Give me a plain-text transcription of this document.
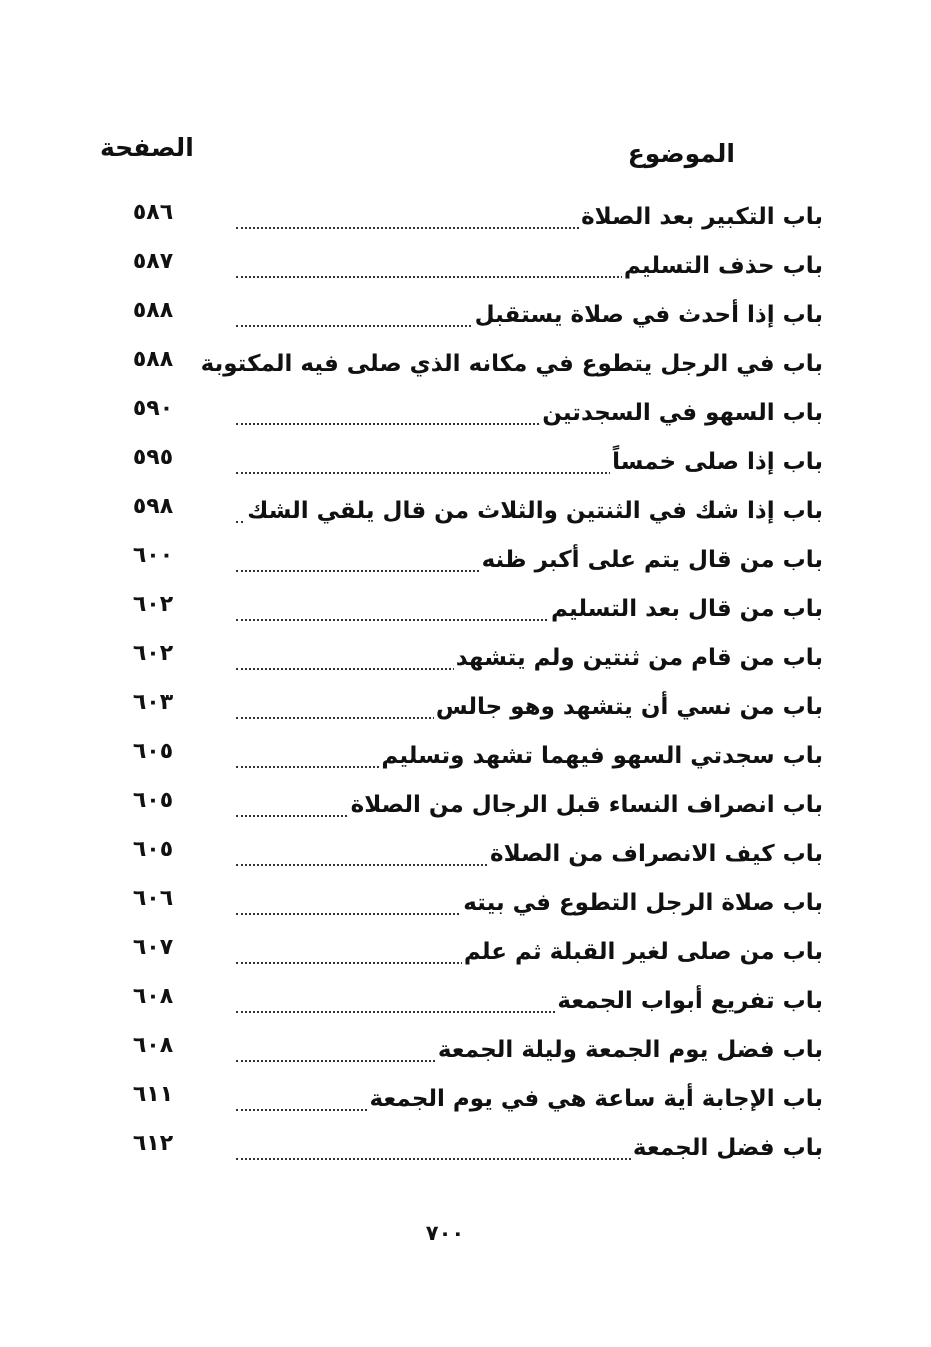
الموضوع
الصفحة
باب التكبير بعد الصلاة
٥٨٦
باب حذف التسليم
٥٨٧
باب إذا أحدث في صلاة يستقبل
٥٨٨
باب في الرجل يتطوع في مكانه الذي صلى فيه المكتوبة
٥٨٨
باب السهو في السجدتين
٥٩٠
باب إذا صلى خمساً
٥٩٥
باب إذا شك في الثنتين والثلاث من قال يلقي الشك
٥٩٨
باب من قال يتم على أكبر ظنه
٦٠٠
باب من قال بعد التسليم
٦٠٢
باب من قام من ثنتين ولم يتشهد
٦٠٢
باب من نسي أن يتشهد وهو جالس
٦٠٣
باب سجدتي السهو فيهما تشهد وتسليم
٦٠٥
باب انصراف النساء قبل الرجال من الصلاة
٦٠٥
باب كيف الانصراف من الصلاة
٦٠٥
باب صلاة الرجل التطوع في بيته
٦٠٦
باب من صلى لغير القبلة ثم علم
٦٠٧
باب تفريع أبواب الجمعة
٦٠٨
باب فضل يوم الجمعة وليلة الجمعة
٦٠٨
باب الإجابة أية ساعة هي في يوم الجمعة
٦١١
باب فضل الجمعة
٦١٢
٧٠٠
